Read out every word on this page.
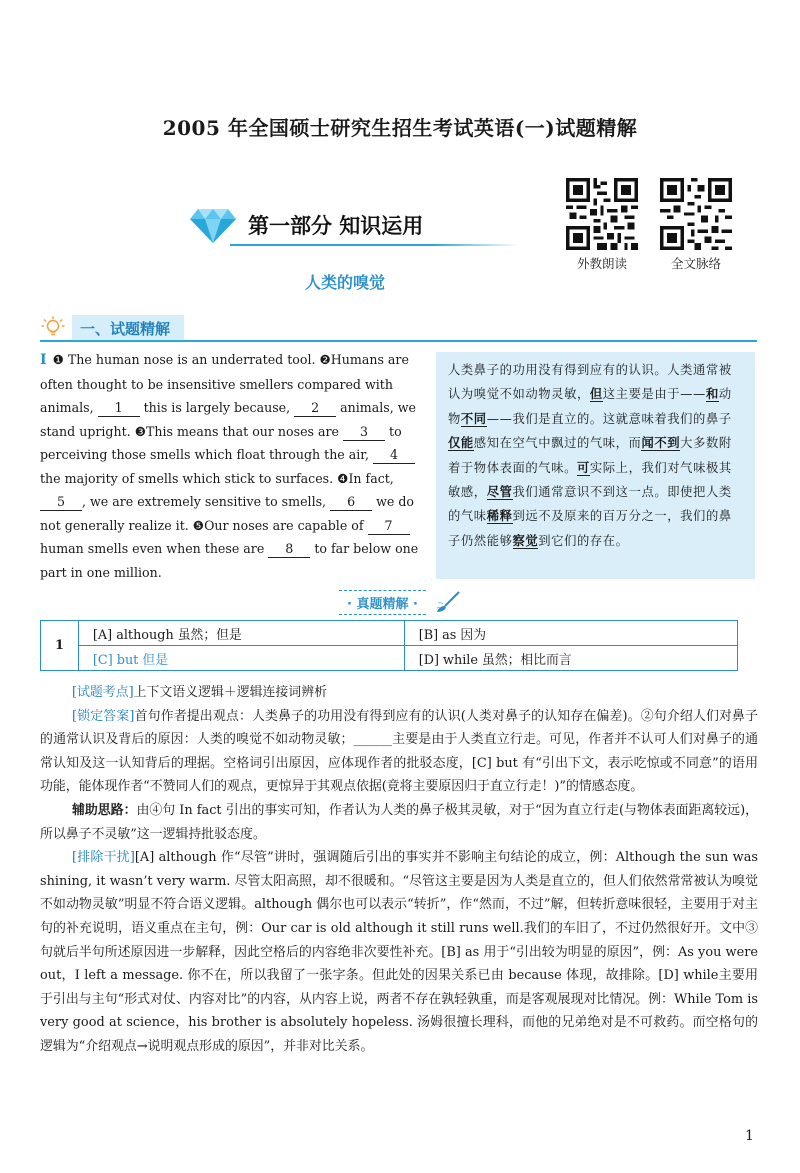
2005 年全国硕士研究生招生考试英语(一)试题精解
第一部分 知识运用
外教朗读	全文脉络
人类的嗅觉
一、试题精解
Ⅰ ❶ The human nose is an underrated tool. ❷Humans are often thought to be insensitive smellers compared with animals, 1 this is largely because, 2 animals, we stand upright. ❸This means that our noses are 3 to perceiving those smells which float through the air, 4 the majority of smells which stick to surfaces. ❹In fact, 5 , we are extremely sensitive to smells, 6 we do not generally realize it. ❺Our noses are capable of 7 human smells even when these are 8 to far below one part in one million.
人类鼻子的功用没有得到应有的认识。人类通常被认为嗅觉不如动物灵敏，但这主要是由于——和动物不同——我们是直立的。这就意味着我们的鼻子仅能感知在空气中飘过的气味，而闻不到大多数附着于物体表面的气味。可实际上，我们对气味极其敏感，尽管我们通常意识不到这一点。即使把人类的气味稀释到远不及原来的百万分之一，我们的鼻子仍然能够察觉到它们的存在。
· 真题精解 ·
1	[A] although 虽然；但是	[B] as 因为
	[C] but 但是	[D] while 虽然；相比而言

[试题考点]上下文语义逻辑＋逻辑连接词辨析

[锁定答案]首句作者提出观点：人类鼻子的功用没有得到应有的认识(人类对鼻子的认知存在偏差)。②句介绍人们对鼻子的通常认识及背后的原因：人类的嗅觉不如动物灵敏；______主要是由于人类直立行走。可见，作者并不认可人们对鼻子的通常认知及这一认知背后的理据。空格词引出原因，应体现作者的批驳态度，[C] but 有“引出下文，表示吃惊或不同意”的语用功能，能体现作者“不赞同人们的观点，更惊异于其观点依据(竟将主要原因归于直立行走！)”的情感态度。

辅助思路：由④句 In fact 引出的事实可知，作者认为人类的鼻子极其灵敏，对于“因为直立行走(与物体表面距离较远)，所以鼻子不灵敏”这一逻辑持批驳态度。

[排除干扰][A] although 作“尽管”讲时，强调随后引出的事实并不影响主句结论的成立，例：Although the sun was shining, it wasn’t very warm. 尽管太阳高照，却不很暖和。“尽管这主要是因为人类是直立的，但人们依然常常被认为嗅觉不如动物灵敏”明显不符合语义逻辑。although 偶尔也可以表示“转折”，作“然而，不过”解，但转折意味很轻，主要用于对主句的补充说明，语义重点在主句，例：Our car is old although it still runs well.我们的车旧了，不过仍然很好开。文中③句就后半句所述原因进一步解释，因此空格后的内容绝非次要性补充。[B] as 用于“引出较为明显的原因”，例：As you were out，I left a message. 你不在，所以我留了一张字条。但此处的因果关系已由 because 体现，故排除。[D] while主要用于引出与主句“形式对仗、内容对比”的内容，从内容上说，两者不存在孰轻孰重，而是客观展现对比情况。例：While Tom is very good at science，his brother is absolutely hopeless. 汤姆很擅长理科，而他的兄弟绝对是不可救药。而空格句的逻辑为“介绍观点→说明观点形成的原因”，并非对比关系。

1
